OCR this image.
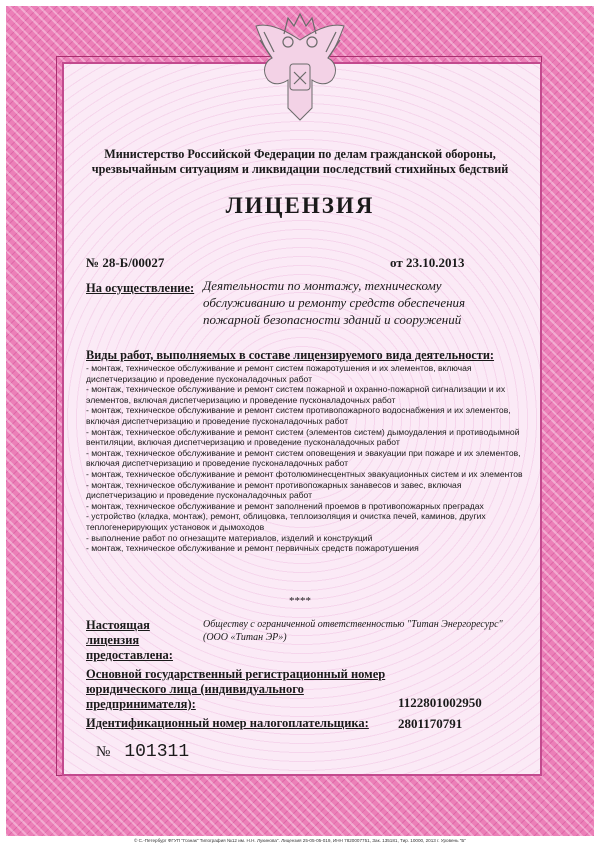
Министерство Российской Федерации по делам гражданской обороны, чрезвычайным ситуациям и ликвидации последствий стихийных бедствий
ЛИЦЕНЗИЯ
№ 28-Б/00027	от 23.10.2013
На осуществление: Деятельности по монтажу, техническому обслуживанию и ремонту средств обеспечения пожарной безопасности зданий и сооружений
Виды работ, выполняемых в составе лицензируемого вида деятельности:
- монтаж, техническое обслуживание и ремонт систем пожаротушения и их элементов, включая диспетчеризацию и проведение пусконаладочных работ
- монтаж, техническое обслуживание и ремонт систем пожарной и охранно-пожарной сигнализации и их элементов, включая диспетчеризацию и проведение пусконаладочных работ
- монтаж, техническое обслуживание и ремонт систем противопожарного водоснабжения и их элементов, включая диспетчеризацию и проведение пусконаладочных работ
- монтаж, техническое обслуживание и ремонт систем (элементов систем) дымоудаления и противодымной вентиляции, включая диспетчеризацию и проведение пусконаладочных работ
- монтаж, техническое обслуживание и ремонт систем оповещения и эвакуации при пожаре и их элементов, включая диспетчеризацию и проведение пусконаладочных работ
- монтаж, техническое обслуживание и ремонт фотолюминесцентных эвакуационных систем и их элементов
- монтаж, техническое обслуживание и ремонт противопожарных занавесов и завес, включая диспетчеризацию и проведение пусконаладочных работ
- монтаж, техническое обслуживание и ремонт заполнений проемов в противопожарных преградах
- устройство (кладка, монтаж), ремонт, облицовка, теплоизоляция и очистка печей, каминов, других теплогенерирующих установок и дымоходов
- выполнение работ по огнезащите материалов, изделий и конструкций
- монтаж, техническое обслуживание и ремонт первичных средств пожаротушения
****
Настоящая лицензия предоставлена:
Обществу с ограниченной ответственностью "Титан Энергоресурс" (ООО «Титан ЭР»)
Основной государственный регистрационный номер юридического лица (индивидуального предпринимателя):	1122801002950
Идентификационный номер налогоплательщика: 2801170791
№ 101311
© С.-Петербург ФГУП "Гознак" Типография №12 им. Н.Н. Лукинова". Лицензия 25-05-05-019, ИНН 7820007751, Зак. 135181, Тир. 10000, 2013 г. Уровень "Б"
